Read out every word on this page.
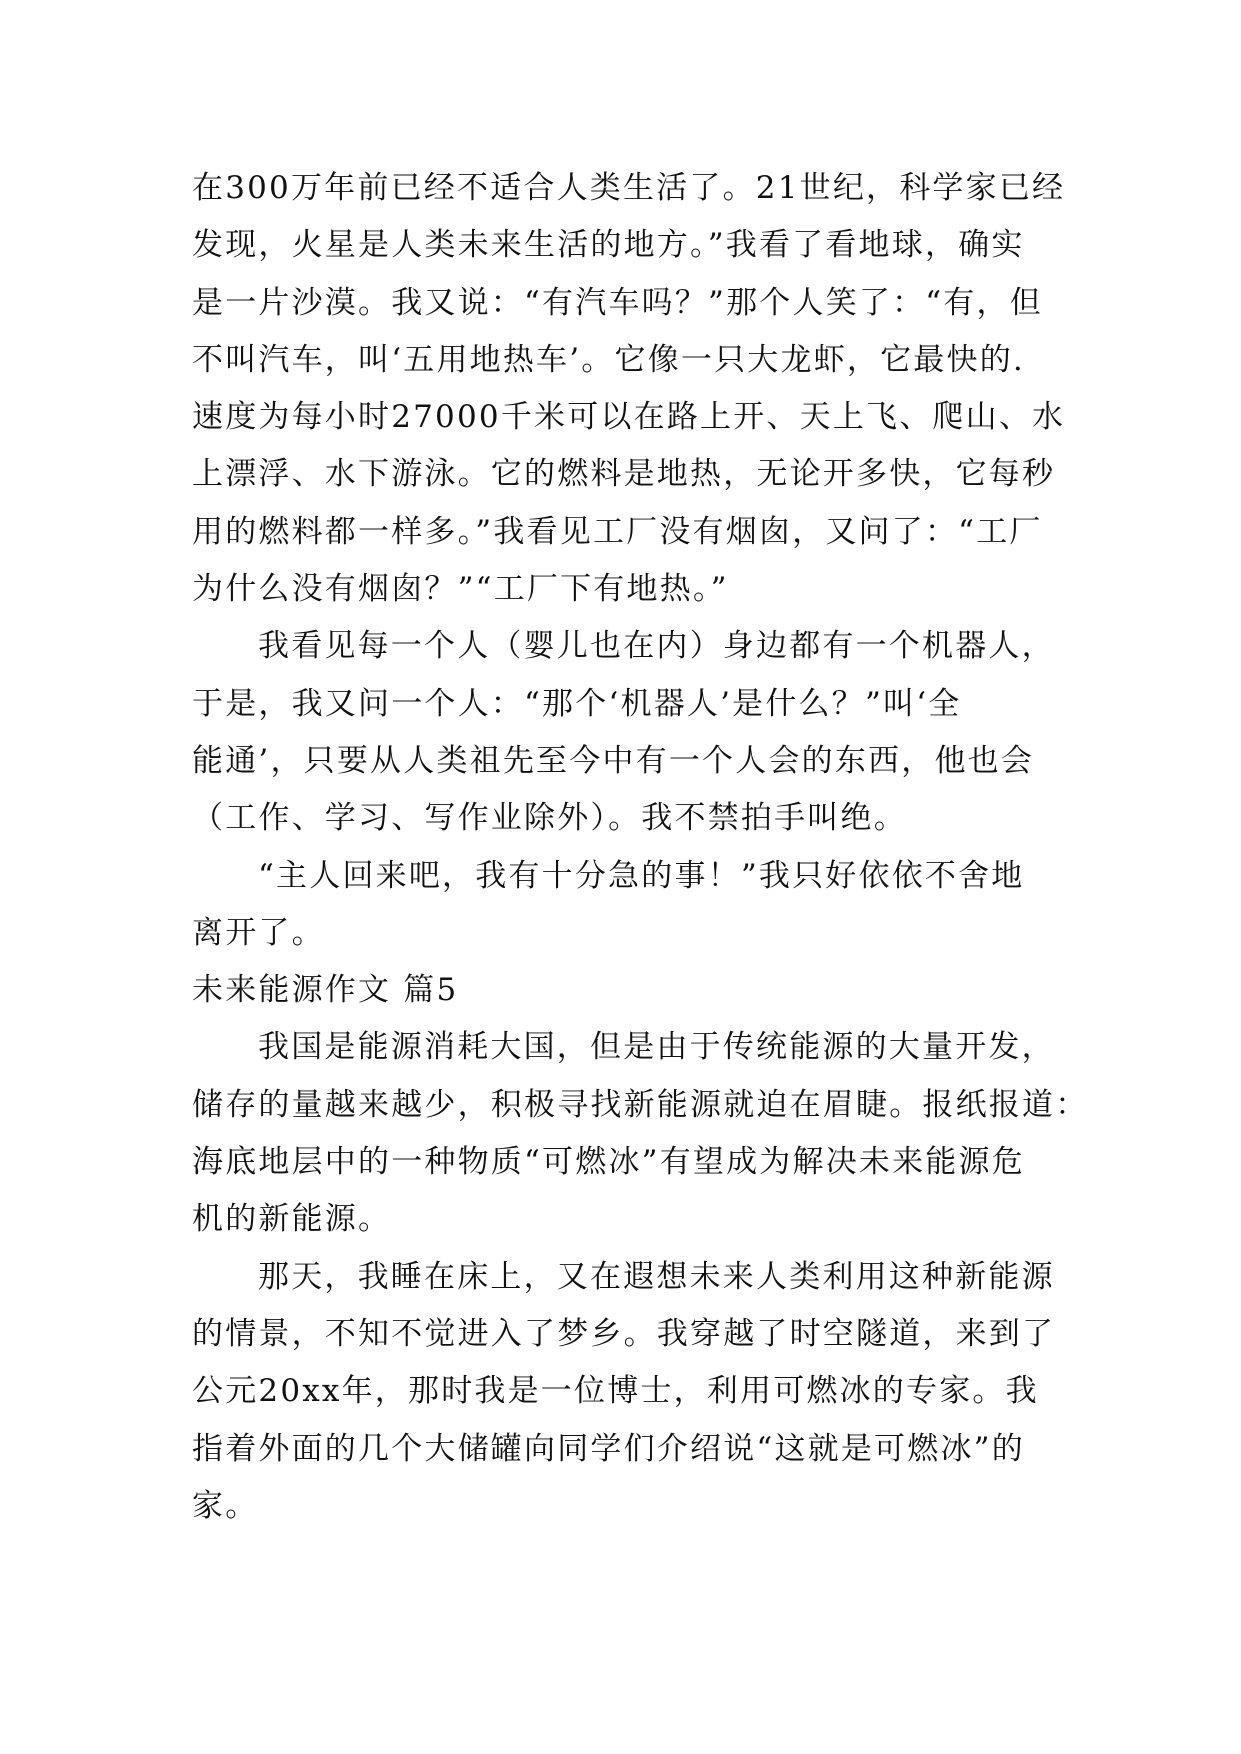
在300万年前已经不适合人类生活了。21世纪，科学家已经
发现，火星是人类未来生活的地方。”我看了看地球，确实
是一片沙漠。我又说：“有汽车吗？”那个人笑了：“有，但
不叫汽车，叫‘五用地热车’。它像一只大龙虾，它最快的.
速度为每小时27000千米可以在路上开、天上飞、爬山、水
上漂浮、水下游泳。它的燃料是地热，无论开多快，它每秒
用的燃料都一样多。”我看见工厂没有烟囱，又问了：“工厂
为什么没有烟囱？”“工厂下有地热。”
我看见每一个人（婴儿也在内）身边都有一个机器人，
于是，我又问一个人：“那个‘机器人’是什么？”叫‘全
能通’，只要从人类祖先至今中有一个人会的东西，他也会
（工作、学习、写作业除外）。我不禁拍手叫绝。
“主人回来吧，我有十分急的事！”我只好依依不舍地
离开了。
未来能源作文 篇5
我国是能源消耗大国，但是由于传统能源的大量开发，
储存的量越来越少，积极寻找新能源就迫在眉睫。报纸报道：
海底地层中的一种物质“可燃冰”有望成为解决未来能源危
机的新能源。
那天，我睡在床上，又在遐想未来人类利用这种新能源
的情景，不知不觉进入了梦乡。我穿越了时空隧道，来到了
公元20xx年，那时我是一位博士，利用可燃冰的专家。我
指着外面的几个大储罐向同学们介绍说“这就是可燃冰”的
家。
